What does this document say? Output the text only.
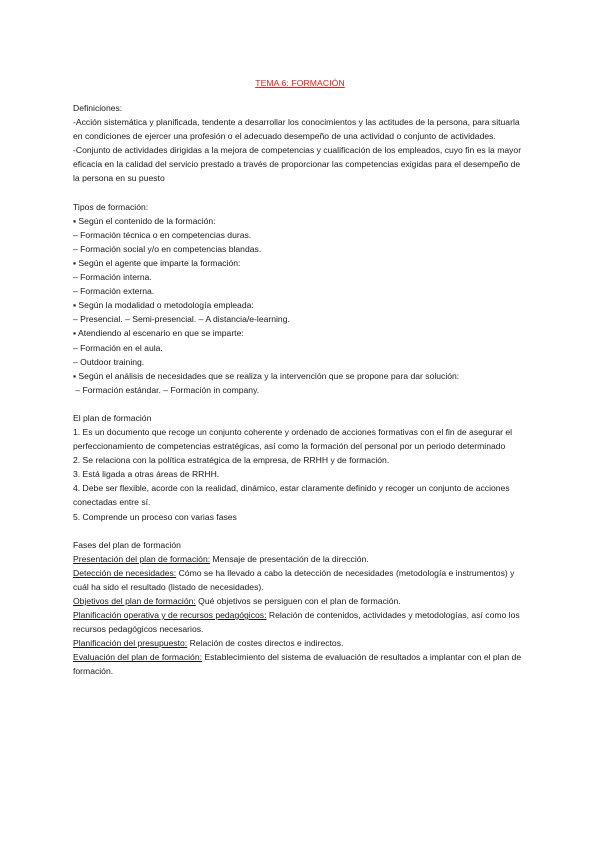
TEMA 6: FORMACIÓN

Definiciones:

-Acción sistemática y planificada, tendente a desarrollar los conocimientos y las actitudes de la persona, para situarla en condiciones de ejercer una profesión o el adecuado desempeño de una actividad o conjunto de actividades.

-Conjunto de actividades dirigidas a la mejora de competencias y cualificación de los empleados, cuyo fin es la mayor eficacia en la calidad del servicio prestado a través de proporcionar las competencias exigidas para el desempeño de la persona en su puesto

Tipos de formación:

▪ Según el contenido de la formación:

– Formación técnica o en competencias duras.

– Formación social y/o en competencias blandas.

▪ Según el agente que imparte la formación:

– Formación interna.

– Formación externa.

▪ Según la modalidad o metodología empleada:

– Presencial. – Semi-presencial. – A distancia/e-learning.

▪ Atendiendo al escenario en que se imparte:

– Formación en el aula.

– Outdoor training.

▪ Según el análisis de necesidades que se realiza y la intervención que se propone para dar solución:

– Formación estándar. – Formación in company.

El plan de formación

1. Es un documento que recoge un conjunto coherente y ordenado de acciones formativas con el fin de asegurar el perfeccionamiento de competencias estratégicas, así como la formación del personal por un periodo determinado

2. Se relaciona con la política estratégica de la empresa, de RRHH y de formación.

3. Está ligada a otras áreas de RRHH.

4. Debe ser flexible, acorde con la realidad, dinámico, estar claramente definido y recoger un conjunto de acciones conectadas entre sí.

5. Comprende un proceso con varias fases

Fases del plan de formación

Presentación del plan de formación: Mensaje de presentación de la dirección.

Detección de necesidades: Cómo se ha llevado a cabo la detección de necesidades (metodología e instrumentos) y cuál ha sido el resultado (listado de necesidades).

Objetivos del plan de formación: Qué objetivos se persiguen con el plan de formación.

Planificación operativa y de recursos pedagógicos: Relación de contenidos, actividades y metodologías, así como los recursos pedagógicos necesarios.

Planificación del presupuesto: Relación de costes directos e indirectos.

Evaluación del plan de formación: Establecimiento del sistema de evaluación de resultados a implantar con el plan de formación.
